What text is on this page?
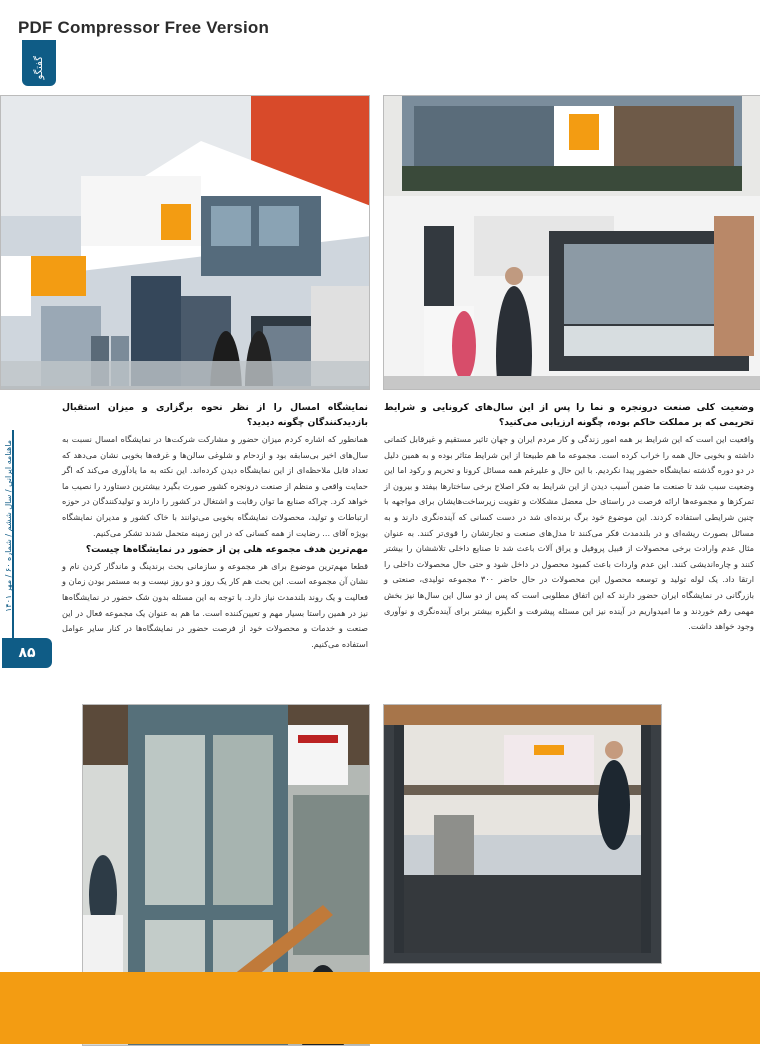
PDF Compressor Free Version
گفتگو

وضعیت کلی صنعت درونجره و نما را پس از این سال‌های کرونایی و شرایط تحریمی که بر مملکت حاکم بوده، چگونه ارزیابی می‌کنید؟

واقعیت این است که این شرایط بر همه امور زندگی و کار مردم ایران و جهان تاثیر مستقیم و غیرقابل کتمانی داشته و بخوبی حال همه را خراب کرده است. مجموعه ما هم طبیعتا از این شرایط متاثر بوده و به همین دلیل در دو دوره گذشته نمایشگاه حضور پیدا نکردیم. با این حال و علیرغم همه مسائل کرونا و تحریم و رکود اما این وضعیت سبب شد تا صنعت ما ضمن آسیب دیدن از این شرایط به فکر اصلاح برخی ساختارها بیفتد و بیرون از تمرکزها و مجموعه‌ها ارائه فرصت در راستای حل معضل مشکلات و تقویت زیرساخت‌هایشان برای مواجهه با چنین شرایطی استفاده کردند. این موضوع خود برگ برنده‌ای شد در دست کسانی که آینده‌نگری دارند و به مسائل بصورت ریشه‌ای و در بلندمدت فکر می‌کنند تا مدل‌های صنعت و تجارتشان را قوی‌تر کنند. به عنوان مثال عدم وارادت برخی محصولات از قبیل پروفیل و یراق آلات باعث شد تا صنایع داخلی تلاششان را بیشتر کنند و چاره‌اندیشی کنند. این عدم واردات باعث کمبود محصول در داخل شود و حتی حال محصولات داخلی را ارتقا داد. یک لوله تولید و توسعه محصول این محصولات در حال حاضر ۳۰۰ مجموعه تولیدی، صنعتی و بازرگانی در نمایشگاه ایران حضور دارند که این اتفاق مطلوبی است که پس از دو سال این سال‌ها نیز بخش مهمی رقم خوردند و ما امیدواریم در آینده نیز این مسئله پیشرفت و انگیزه بیشتر برای آینده‌نگری و نوآوری وجود خواهد داشت.

نمایشگاه امسال را از نظر نحوه برگزاری و میزان استقبال بازدیدکنندگان چگونه دیدید؟

همانطور که اشاره کردم میزان حضور و مشارکت شرکت‌ها در نمایشگاه امسال نسبت به سال‌های اخیر بی‌سابقه بود و ازدحام و شلوغی سالن‌ها و غرفه‌ها بخوبی نشان می‌دهد که تعداد قابل ملاحظه‌ای از این نمایشگاه دیدن کرده‌اند. این نکته به ما یادآوری می‌کند که اگر حمایت واقعی و منظم از صنعت درونجره کشور صورت بگیرد بیشترین دستاورد را نصیب ما خواهد کرد. چراکه صنایع ما توان رقابت و اشتغال در کشور را دارند و تولیدکنندگان در حوزه ارتباطات و تولید، محصولات نمایشگاه بخوبی می‌توانند با خاک کشور و مدیران نمایشگاه بویژه آقای ... رضایت از همه کسانی که در این زمینه متحمل شدند تشکر می‌کنیم.

مهم‌ترین هدف مجموعه هلی پن از حضور در نمایشگاه‌ها چیست؟

قطعا مهم‌ترین موضوع برای هر مجموعه و سازمانی بحث برندینگ و ماندگار کردن نام و نشان آن مجموعه است. این بحث هم کار یک روز و دو روز نیست و به مستمر بودن زمان و فعالیت و یک روند بلندمدت نیاز دارد. با توجه به این مسئله بدون شک حضور در نمایشگاه‌ها نیز در همین راستا بسیار مهم و تعیین‌کننده است. ما هم به عنوان یک مجموعه فعال در این صنعت و خدمات و محصولات خود از فرصت حضور در نمایشگاه‌ها در کنار سایر عوامل استفاده می‌کنیم.

ماهنامه ایرانی / سال ششم / شماره ۶۰ / مهر ۱۴۰۱
۸۵
